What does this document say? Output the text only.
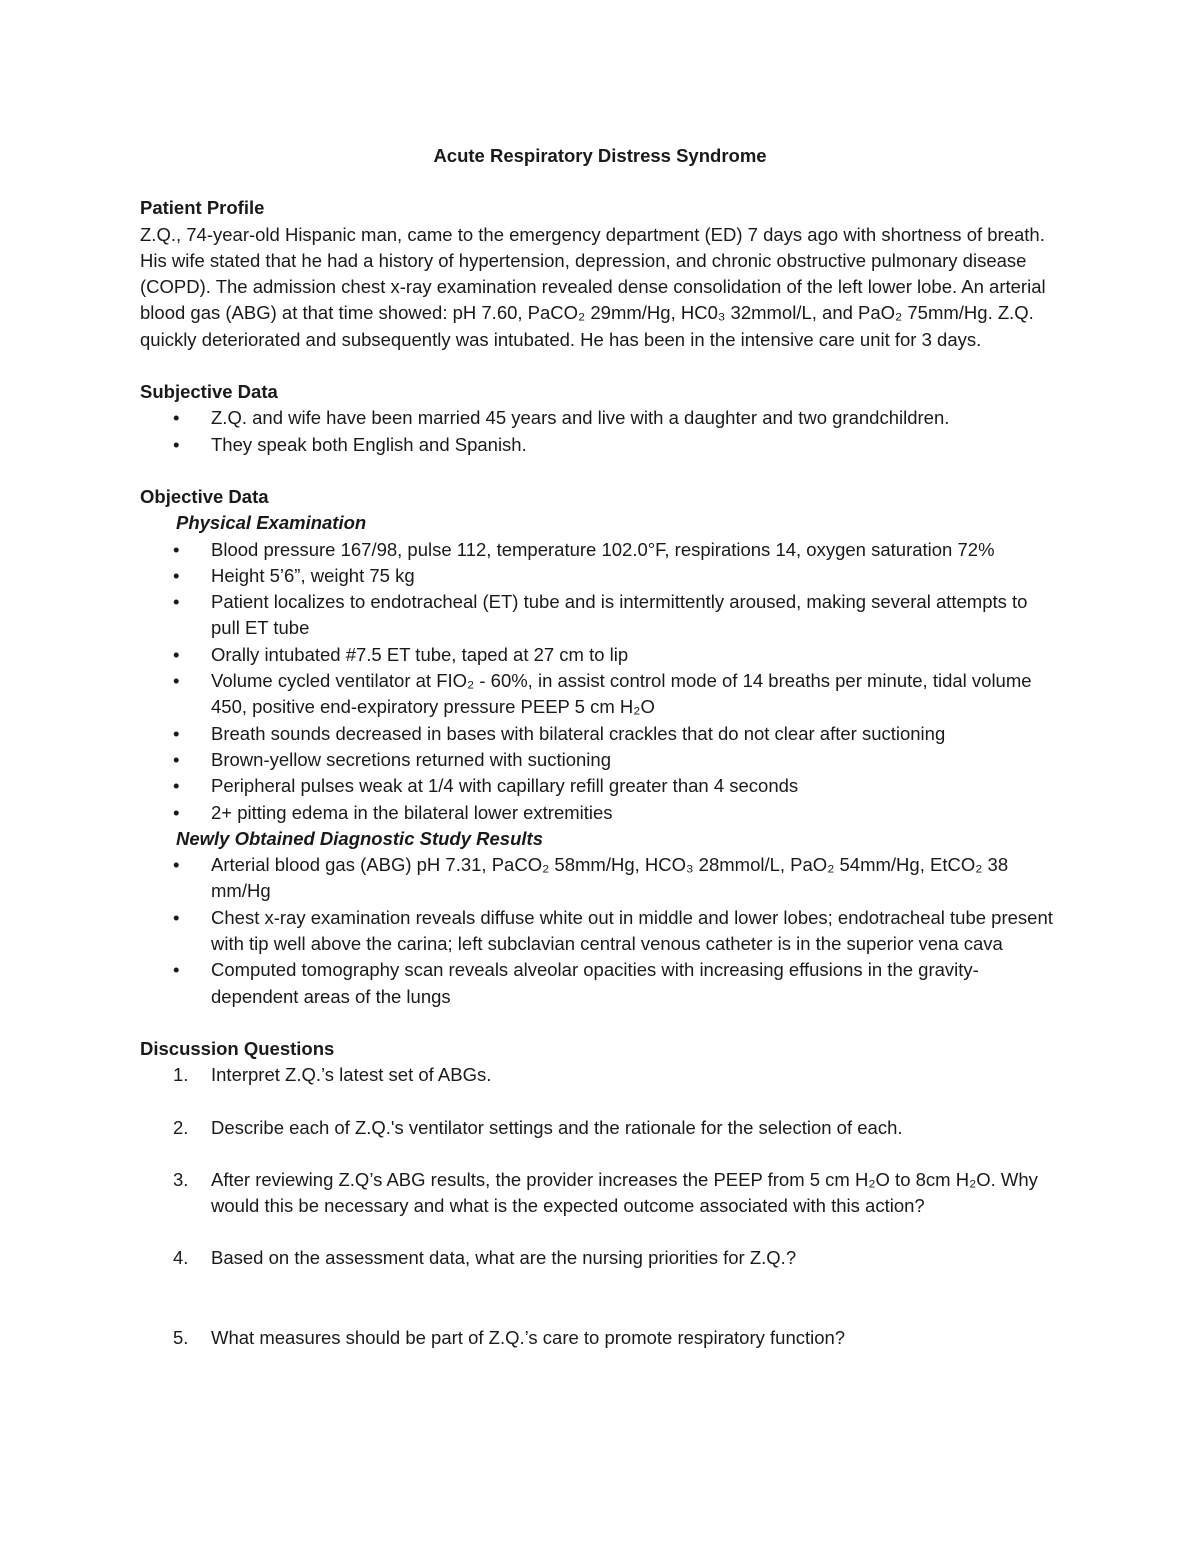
Acute Respiratory Distress Syndrome
Patient Profile
Z.Q., 74-year-old Hispanic man, came to the emergency department (ED) 7 days ago with shortness of breath. His wife stated that he had a history of hypertension, depression, and chronic obstructive pulmonary disease (COPD). The admission chest x-ray examination revealed dense consolidation of the left lower lobe. An arterial blood gas (ABG) at that time showed: pH 7.60, PaCO₂ 29mm/Hg, HC0₃ 32mmol/L, and PaO₂ 75mm/Hg. Z.Q. quickly deteriorated and subsequently was intubated. He has been in the intensive care unit for 3 days.
Subjective Data
• Z.Q. and wife have been married 45 years and live with a daughter and two grandchildren.
• They speak both English and Spanish.
Objective Data
Physical Examination
• Blood pressure 167/98, pulse 112, temperature 102.0°F, respirations 14, oxygen saturation 72%
• Height 5’6”, weight 75 kg
• Patient localizes to endotracheal (ET) tube and is intermittently aroused, making several attempts to pull ET tube
• Orally intubated #7.5 ET tube, taped at 27 cm to lip
• Volume cycled ventilator at FIO₂ - 60%, in assist control mode of 14 breaths per minute, tidal volume 450, positive end-expiratory pressure PEEP 5 cm H₂O
• Breath sounds decreased in bases with bilateral crackles that do not clear after suctioning
• Brown-yellow secretions returned with suctioning
• Peripheral pulses weak at 1/4 with capillary refill greater than 4 seconds
• 2+ pitting edema in the bilateral lower extremities
Newly Obtained Diagnostic Study Results
• Arterial blood gas (ABG) pH 7.31, PaCO₂ 58mm/Hg, HCO₃ 28mmol/L, PaO₂ 54mm/Hg, EtCO₂ 38 mm/Hg
• Chest x-ray examination reveals diffuse white out in middle and lower lobes; endotracheal tube present with tip well above the carina; left subclavian central venous catheter is in the superior vena cava
• Computed tomography scan reveals alveolar opacities with increasing effusions in the gravity-dependent areas of the lungs
Discussion Questions
1. Interpret Z.Q.’s latest set of ABGs.
2. Describe each of Z.Q.'s ventilator settings and the rationale for the selection of each.
3. After reviewing Z.Q’s ABG results, the provider increases the PEEP from 5 cm H₂O to 8cm H₂O. Why would this be necessary and what is the expected outcome associated with this action?
4. Based on the assessment data, what are the nursing priorities for Z.Q.?
5. What measures should be part of Z.Q.’s care to promote respiratory function?
